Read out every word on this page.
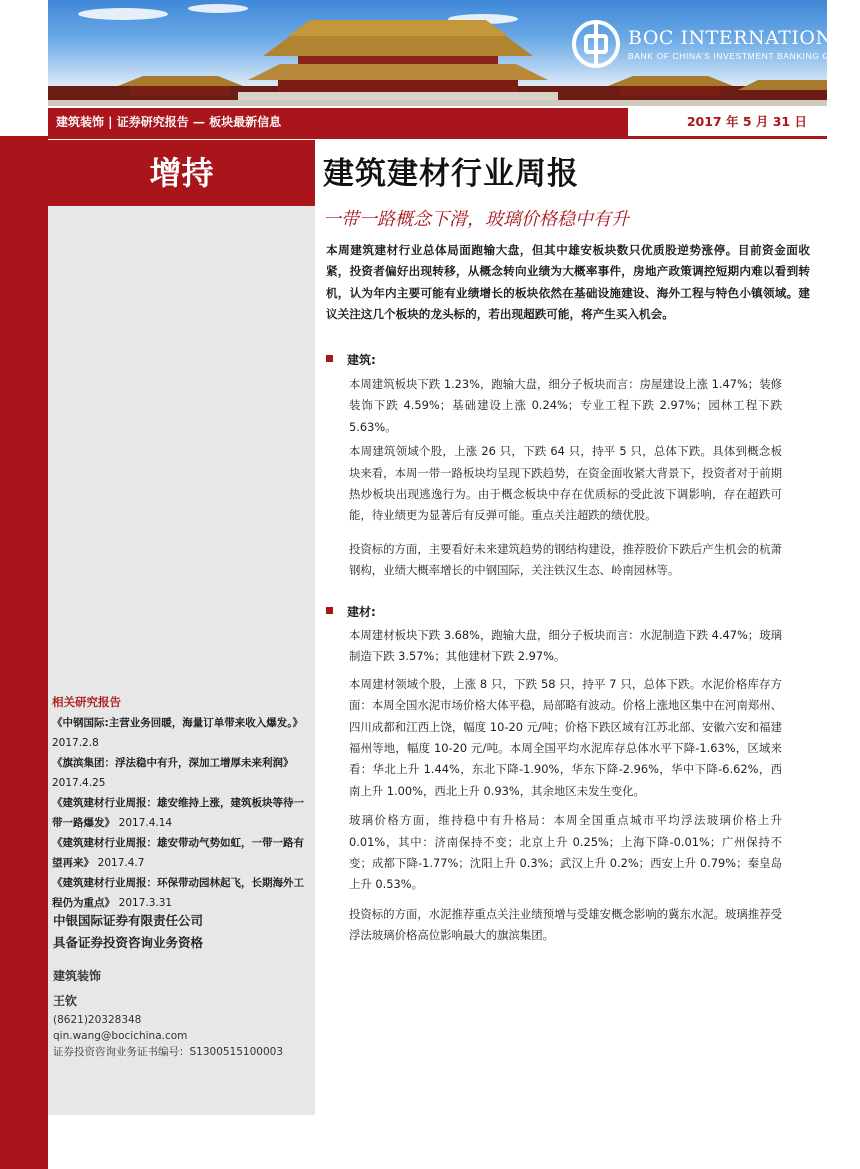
BOC INTERNATIONAL
BANK OF CHINA'S INVESTMENT BANKING GROUP
建筑装饰 | 证券研究报告 — 板块最新信息	2017 年 5 月 31 日
增持
相关研究报告
《中钢国际:主营业务回暖，海量订单带来收入爆发。》 2017.2.8
《旗滨集团：浮法稳中有升，深加工增厚未来利润》 2017.4.25
《建筑建材行业周报：雄安维持上涨，建筑板块等待一带一路爆发》 2017.4.14
《建筑建材行业周报：雄安带动气势如虹，一带一路有望再来》 2017.4.7
《建筑建材行业周报：环保带动园林起飞，长期海外工程仍为重点》 2017.3.31
中银国际证券有限责任公司
具备证券投资咨询业务资格
建筑装饰
王钦
(8621)20328348
qin.wang@bocichina.com
证券投资咨询业务证书编号：S1300515100003
建筑建材行业周报
一带一路概念下滑，玻璃价格稳中有升
本周建筑建材行业总体局面跑输大盘，但其中雄安板块数只优质股逆势涨停。目前资金面收紧，投资者偏好出现转移，从概念转向业绩为大概率事件，房地产政策调控短期内难以看到转机，认为年内主要可能有业绩增长的板块依然在基础设施建设、海外工程与特色小镇领域。建议关注这几个板块的龙头标的，若出现超跌可能，将产生买入机会。
建筑:

本周建筑板块下跌 1.23%，跑输大盘，细分子板块而言：房屋建设上涨 1.47%；装修装饰下跌 4.59%；基础建设上涨 0.24%；专业工程下跌 2.97%；园林工程下跌 5.63%。

本周建筑领域个股，上涨 26 只，下跌 64 只，持平 5 只，总体下跌。具体到概念板块来看，本周一带一路板块均呈现下跌趋势，在资金面收紧大背景下，投资者对于前期热炒板块出现逃逸行为。由于概念板块中存在优质标的受此波下调影响，存在超跌可能，待业绩更为显著后有反弹可能。重点关注超跌的绩优股。

投资标的方面，主要看好未来建筑趋势的钢结构建设，推荐股价下跌后产生机会的杭萧钢构，业绩大概率增长的中钢国际，关注铁汉生态、岭南园林等。

建材:

本周建材板块下跌 3.68%，跑输大盘，细分子板块而言：水泥制造下跌 4.47%；玻璃制造下跌 3.57%；其他建材下跌 2.97%。

本周建材领域个股，上涨 8 只，下跌 58 只，持平 7 只，总体下跌。水泥价格库存方面：本周全国水泥市场价格大体平稳，局部略有波动。价格上涨地区集中在河南郑州、四川成都和江西上饶，幅度 10-20 元/吨；价格下跌区域有江苏北部、安徽六安和福建福州等地，幅度 10-20 元/吨。本周全国平均水泥库存总体水平下降-1.63%，区域来看：华北上升 1.44%，东北下降-1.90%，华东下降-2.96%，华中下降-6.62%，西南上升 1.00%，西北上升 0.93%，其余地区未发生变化。

玻璃价格方面，维持稳中有升格局：本周全国重点城市平均浮法玻璃价格上升 0.01%，其中：济南保持不变；北京上升 0.25%；上海下降-0.01%；广州保持不变；成都下降-1.77%；沈阳上升 0.3%；武汉上升 0.2%；西安上升 0.79%；秦皇岛上升 0.53%。

投资标的方面，水泥推荐重点关注业绩预增与受雄安概念影响的冀东水泥。玻璃推荐受浮法玻璃价格高位影响最大的旗滨集团。
